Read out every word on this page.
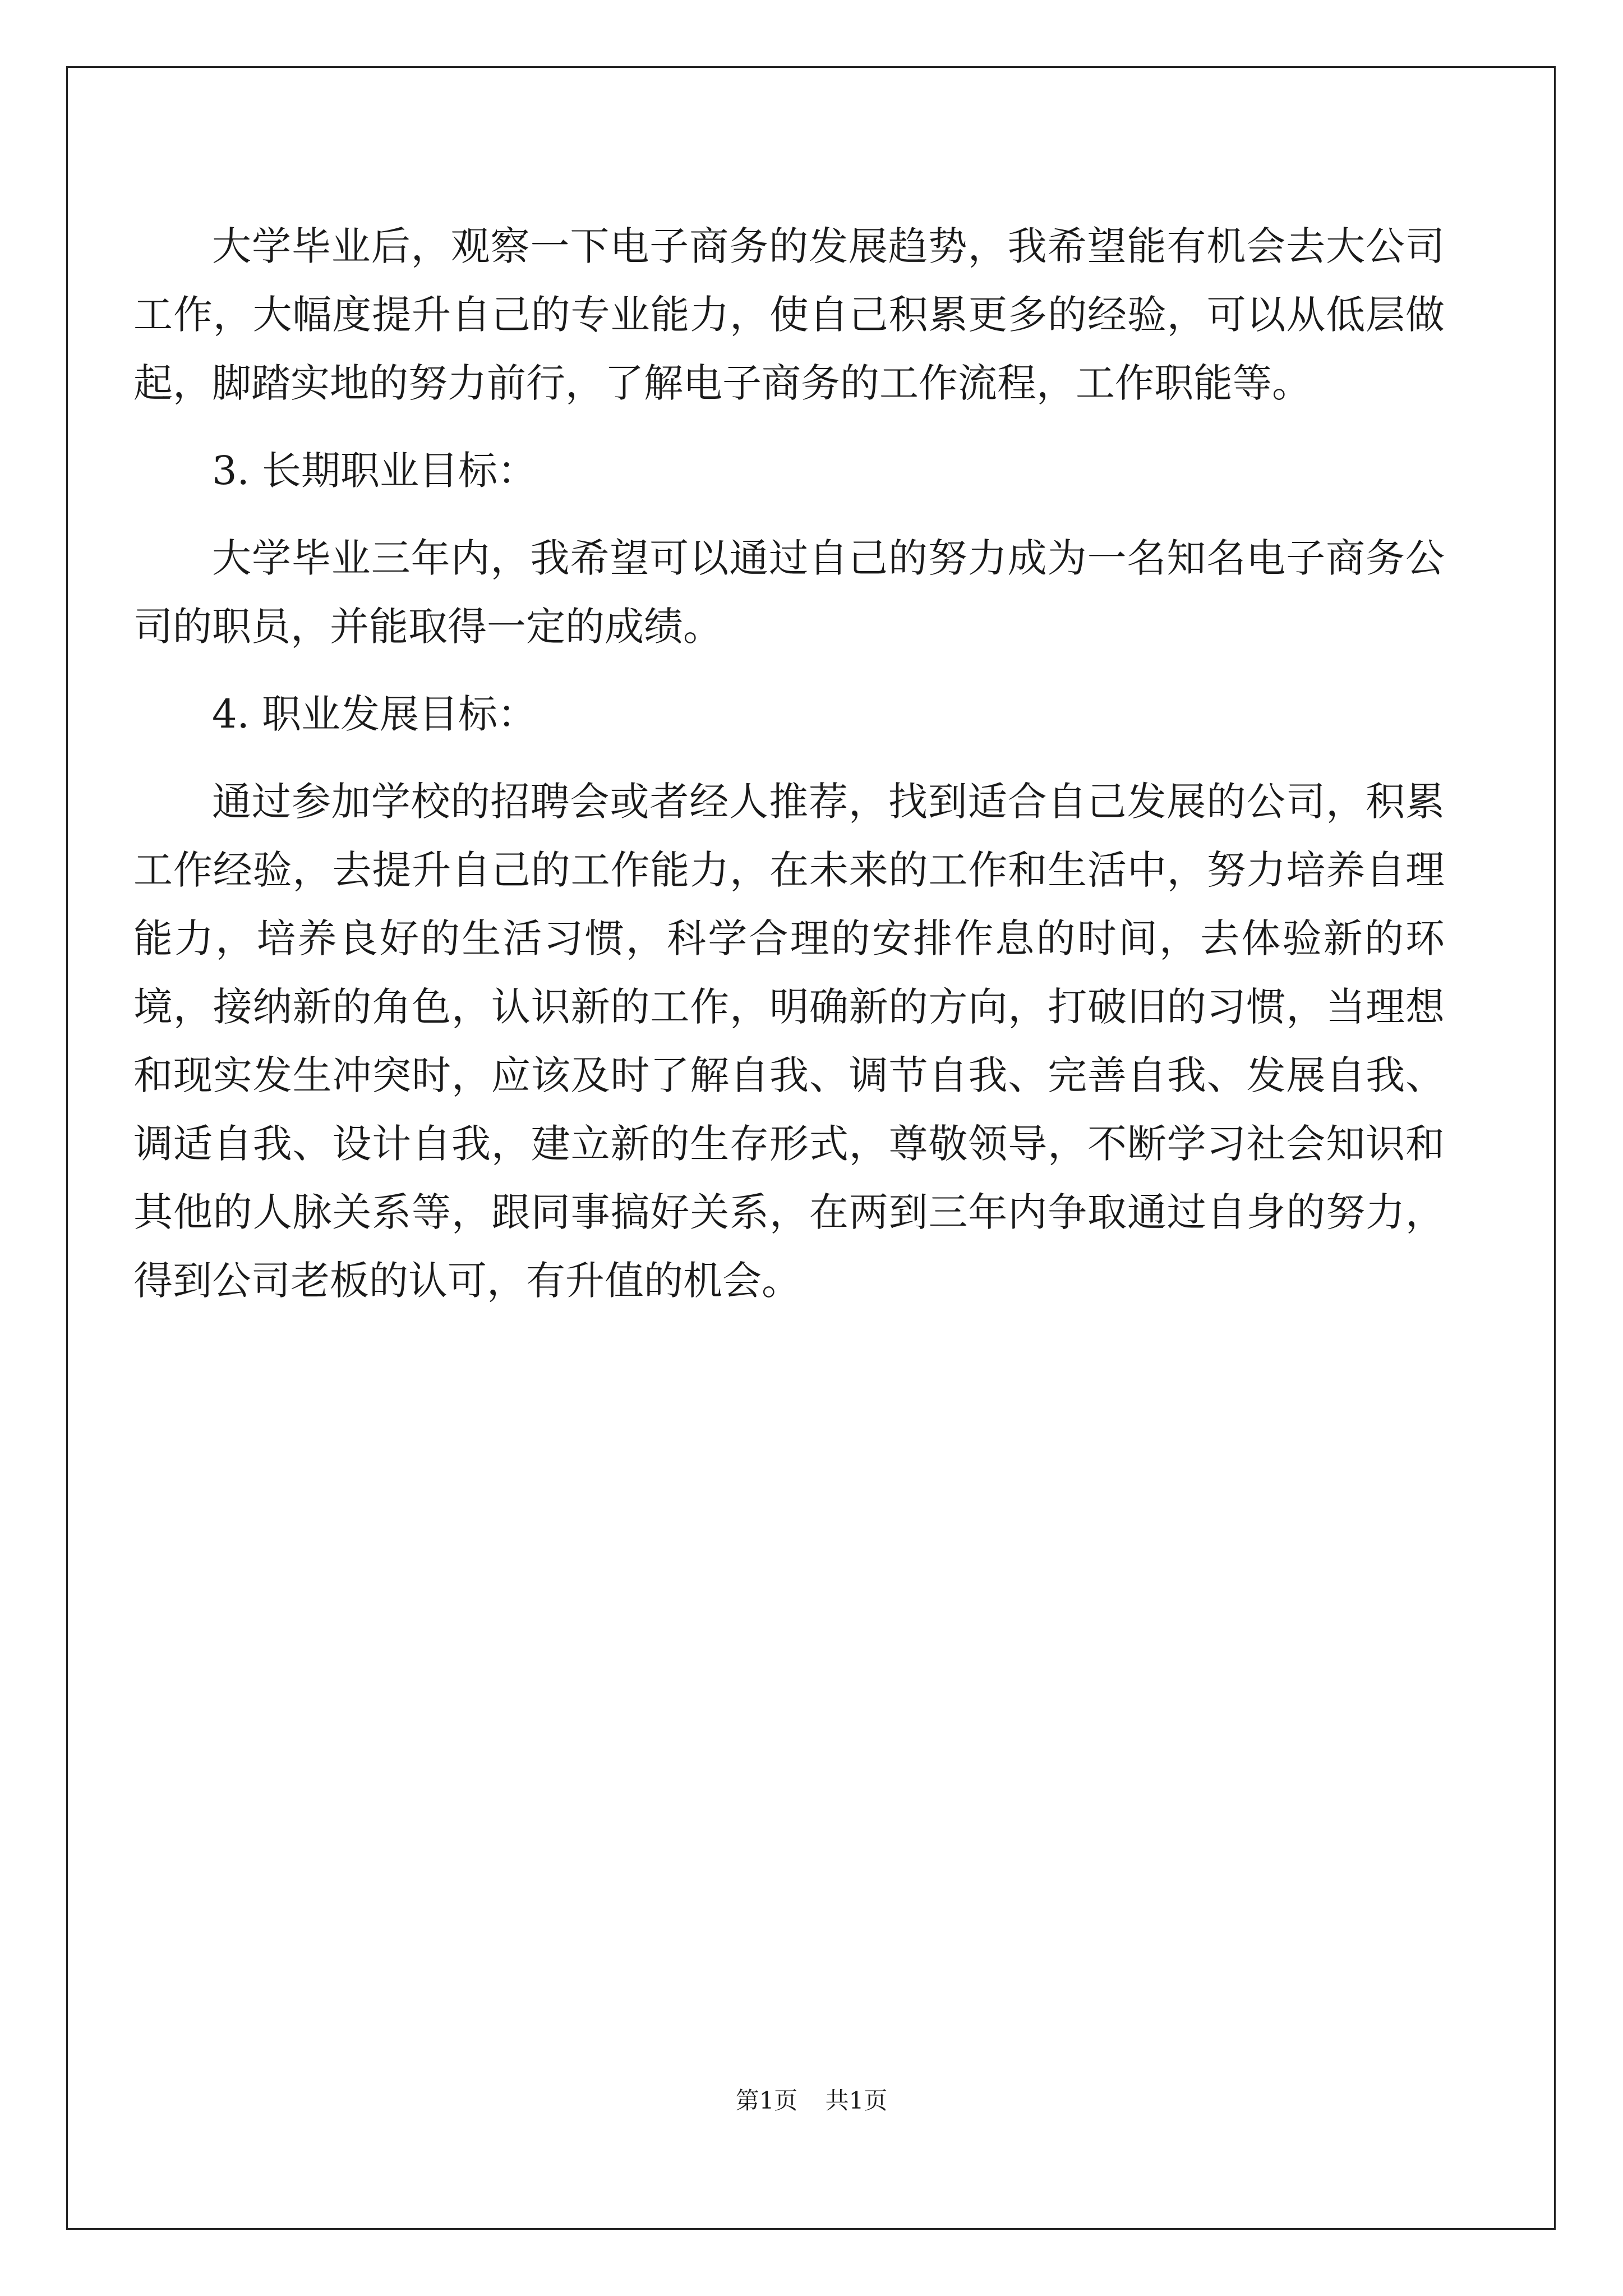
大学毕业后，观察一下电子商务的发展趋势，我希望能有机会去大公司工作，大幅度提升自己的专业能力，使自己积累更多的经验，可以从低层做起，脚踏实地的努力前行，了解电子商务的工作流程，工作职能等。

3. 长期职业目标：

大学毕业三年内，我希望可以通过自己的努力成为一名知名电子商务公司的职员，并能取得一定的成绩。

4. 职业发展目标：

通过参加学校的招聘会或者经人推荐，找到适合自己发展的公司，积累工作经验，去提升自己的工作能力，在未来的工作和生活中，努力培养自理能力，培养良好的生活习惯，科学合理的安排作息的时间，去体验新的环境，接纳新的角色，认识新的工作，明确新的方向，打破旧的习惯，当理想和现实发生冲突时，应该及时了解自我、调节自我、完善自我、发展自我、调适自我、设计自我，建立新的生存形式，尊敬领导，不断学习社会知识和其他的人脉关系等，跟同事搞好关系，在两到三年内争取通过自身的努力，得到公司老板的认可，有升值的机会。

第1页 共1页
